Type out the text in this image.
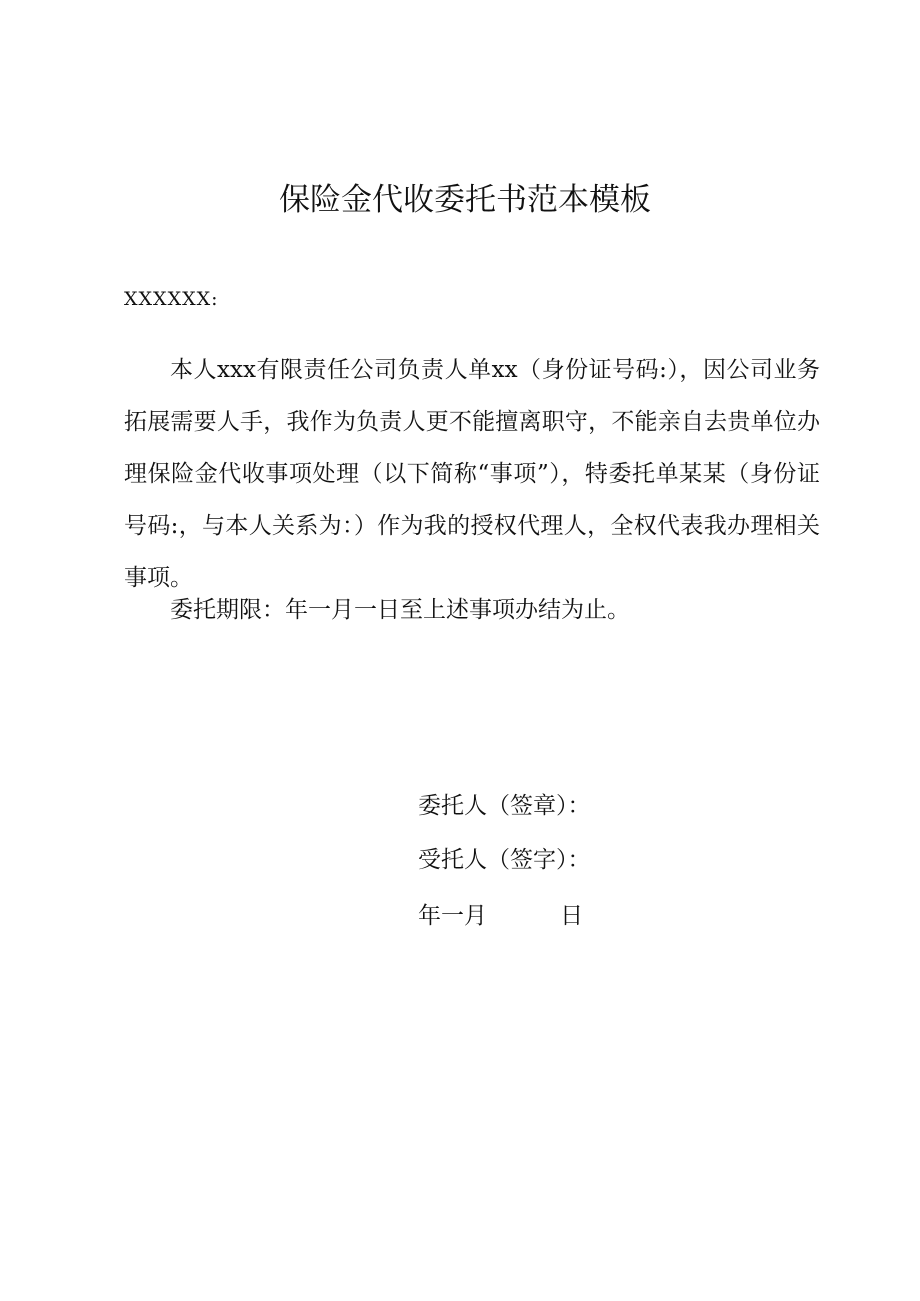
保险金代收委托书范本模板
XXXXXX:

本人xxx有限责任公司负责人单xx（身份证号码:），因公司业务拓展需要人手，我作为负责人更不能擅离职守，不能亲自去贵单位办理保险金代收事项处理（以下简称“事项”），特委托单某某（身份证号码:，与本人关系为：）作为我的授权代理人，全权代表我办理相关事项。

委托期限：年一月一日至上述事项办结为止。

委托人（签章）：
受托人（签字）：
年一月          日
